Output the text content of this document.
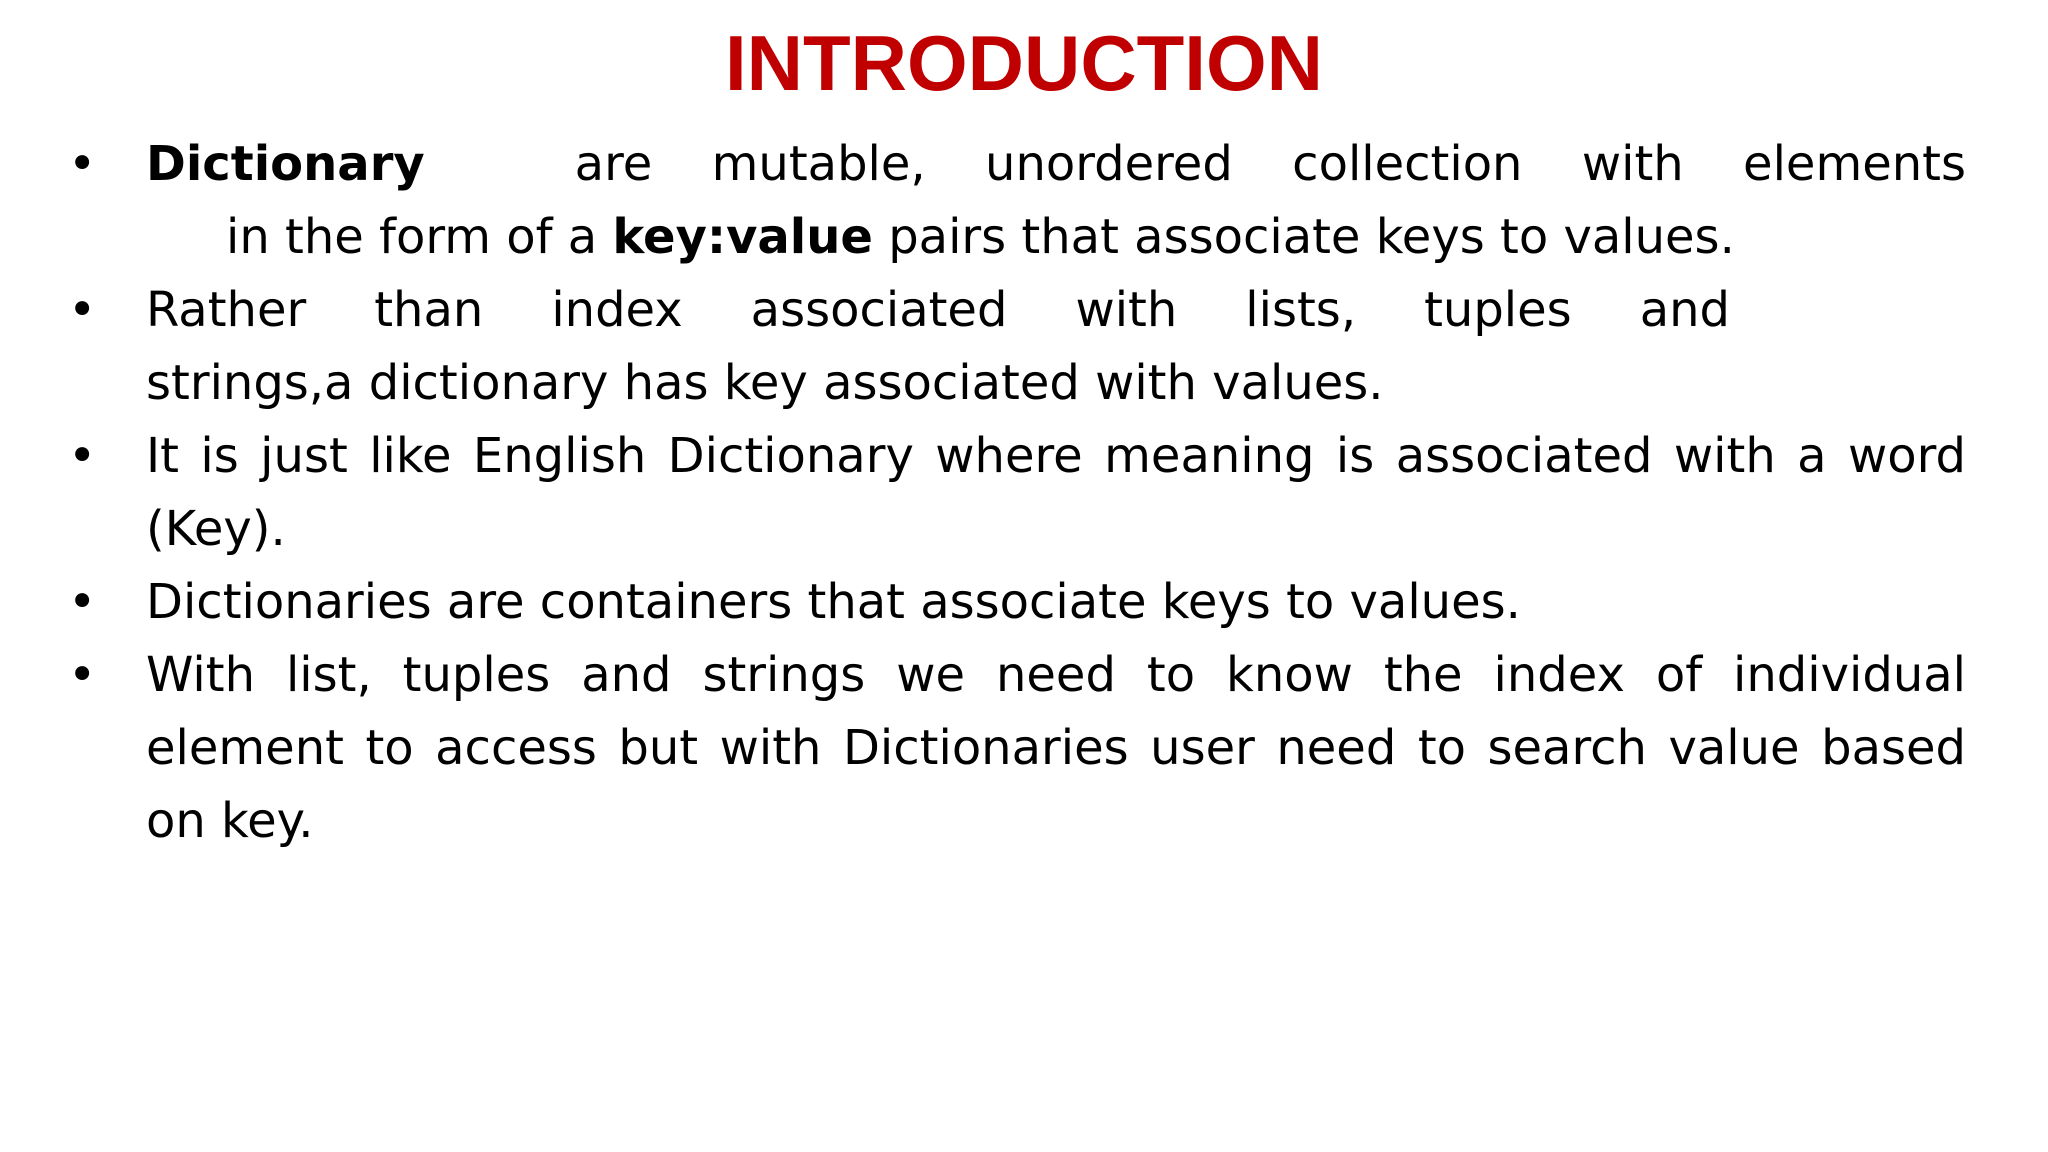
INTRODUCTION
• Dictionary	are mutable, unordered collection with elements
in the form of a key:value pairs that associate keys to values.
• Rather than index associated with lists, tuples and
strings,a dictionary has key associated with values.
• It is just like English Dictionary where meaning is associated with a word (Key).
• Dictionaries are containers that associate keys to values.
• With list, tuples and strings we need to know the index of individual element to access but with Dictionaries user need to search value based on key.
